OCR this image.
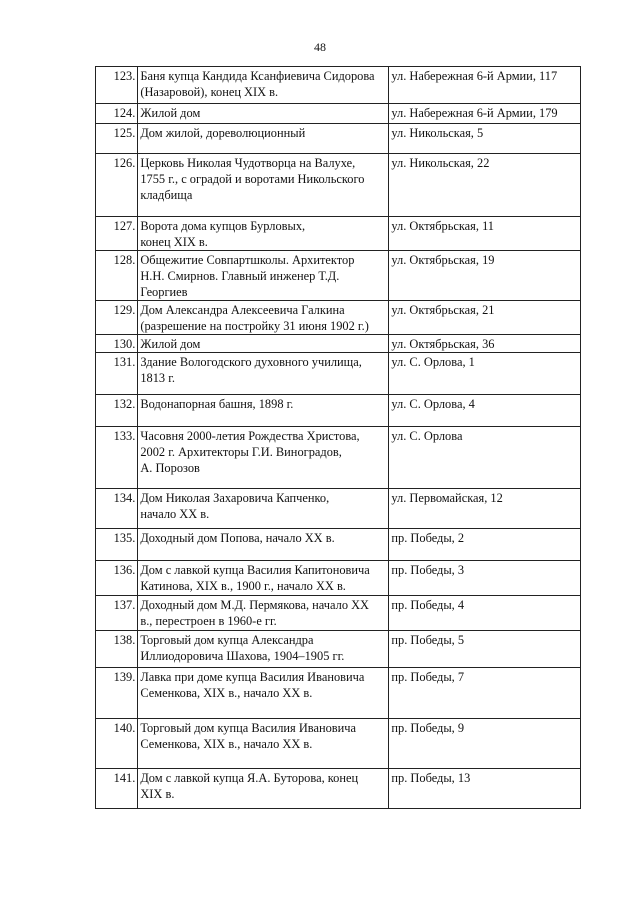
48
123.	Баня купца Кандида Ксанфиевича Сидорова
(Назаровой), конец XIX в.	ул. Набережная 6-й Армии, 117
124.	Жилой дом	ул. Набережная 6-й Армии, 179
125.	Дом жилой, дореволюционный	ул. Никольская, 5
126.	Церковь Николая Чудотворца на Валухе,
1755 г., с оградой и воротами Никольского
кладбища	ул. Никольская, 22
127.	Ворота дома купцов Бурловых,
конец XIX в.	ул. Октябрьская, 11
128.	Общежитие Совпартшколы. Архитектор
Н.Н. Смирнов. Главный инженер Т.Д.
Георгиев	ул. Октябрьская, 19
129.	Дом Александра Алексеевича Галкина
(разрешение на постройку 31 июня 1902 г.)	ул. Октябрьская, 21
130.	Жилой дом	ул. Октябрьская, 36
131.	Здание Вологодского духовного училища,
1813 г.	ул. С. Орлова, 1
132.	Водонапорная башня, 1898 г.	ул. С. Орлова, 4
133.	Часовня 2000-летия Рождества Христова,
2002 г. Архитекторы Г.И. Виноградов,
А. Порозов	ул. С. Орлова
134.	Дом Николая Захаровича Капченко,
начало XX в.	ул. Первомайская, 12
135.	Доходный дом Попова, начало XX в.	пр. Победы, 2
136.	Дом с лавкой купца Василия Капитоновича
Катинова, XIX в., 1900 г., начало XX в.	пр. Победы, 3
137.	Доходный дом М.Д. Пермякова, начало XX
в., перестроен в 1960-е гг.	пр. Победы, 4
138.	Торговый дом купца Александра
Иллиодоровича Шахова, 1904–1905 гг.	пр. Победы, 5
139.	Лавка при доме купца Василия Ивановича
Семенкова, XIX в., начало XX в.	пр. Победы, 7
140.	Торговый дом купца Василия Ивановича
Семенкова, XIX в., начало XX в.	пр. Победы, 9
141.	Дом с лавкой купца Я.А. Буторова, конец
XIX в.	пр. Победы, 13
